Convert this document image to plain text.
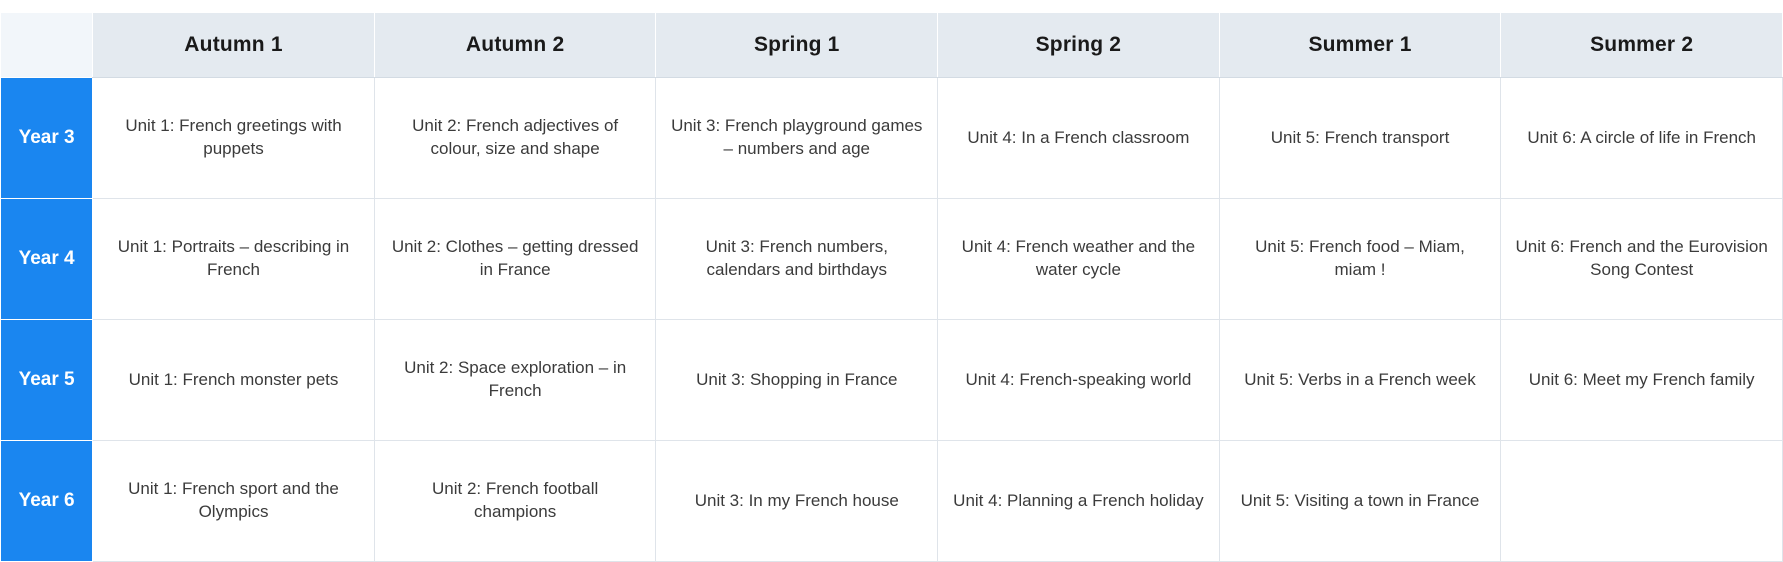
	Autumn 1	Autumn 2	Spring 1	Spring 2	Summer 1	Summer 2
Year 3	Unit 1: French greetings with puppets	Unit 2: French adjectives of colour, size and shape	Unit 3: French playground games – numbers and age	Unit 4: In a French classroom	Unit 5: French transport	Unit 6: A circle of life in French
Year 4	Unit 1: Portraits – describing in French	Unit 2: Clothes – getting dressed in France	Unit 3: French numbers, calendars and birthdays	Unit 4: French weather and the water cycle	Unit 5: French food – Miam, miam !	Unit 6: French and the Eurovision Song Contest
Year 5	Unit 1: French monster pets	Unit 2: Space exploration – in French	Unit 3: Shopping in France	Unit 4: French-speaking world	Unit 5: Verbs in a French week	Unit 6: Meet my French family
Year 6	Unit 1: French sport and the Olympics	Unit 2: French football champions	Unit 3: In my French house	Unit 4: Planning a French holiday	Unit 5: Visiting a town in France	
